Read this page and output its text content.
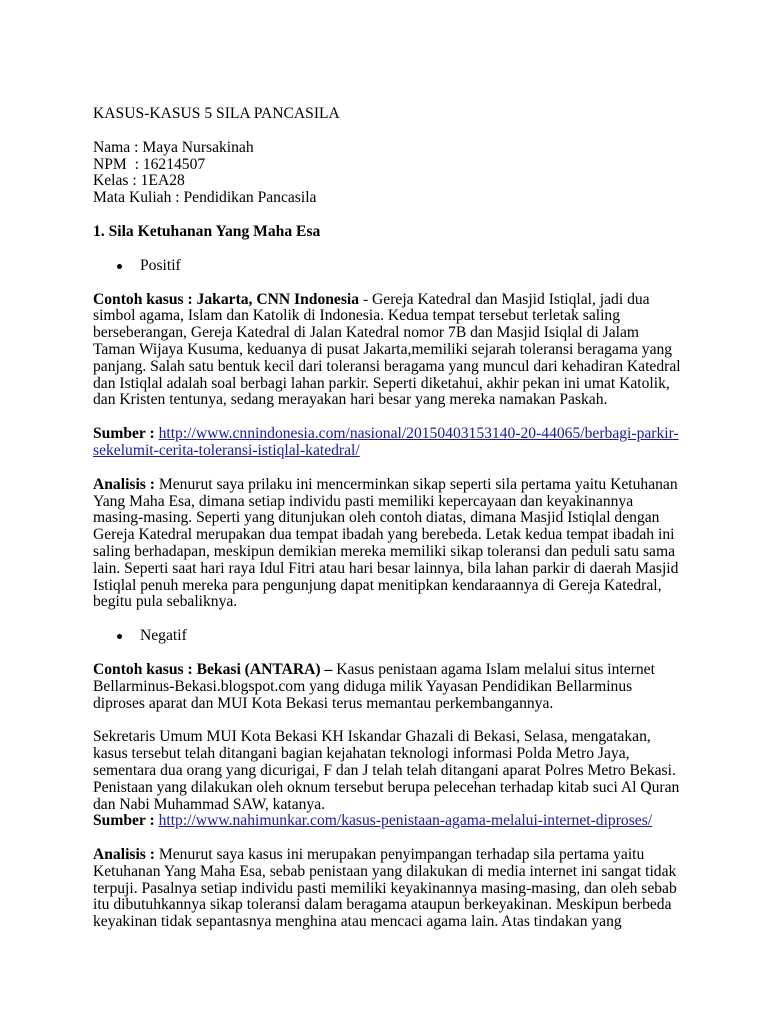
KASUS-KASUS 5 SILA PANCASILA

Nama : Maya Nursakinah

NPM  : 16214507

Kelas : 1EA28

Mata Kuliah : Pendidikan Pancasila

1. Sila Ketuhanan Yang Maha Esa

Positif

Contoh kasus : Jakarta, CNN Indonesia - Gereja Katedral dan Masjid Istiqlal, jadi dua simbol agama, Islam dan Katolik di Indonesia. Kedua tempat tersebut terletak saling berseberangan, Gereja Katedral di Jalan Katedral nomor 7B dan Masjid Isiqlal di Jalam Taman Wijaya Kusuma, keduanya di pusat Jakarta,memiliki sejarah toleransi beragama yang panjang. Salah satu bentuk kecil dari toleransi beragama yang muncul dari kehadiran Katedral dan Istiqlal adalah soal berbagi lahan parkir. Seperti diketahui, akhir pekan ini umat Katolik, dan Kristen tentunya, sedang merayakan hari besar yang mereka namakan Paskah.

Sumber : http://www.cnnindonesia.com/nasional/20150403153140-20-44065/berbagi-parkir-sekelumit-cerita-toleransi-istiqlal-katedral/

Analisis : Menurut saya prilaku ini mencerminkan sikap seperti sila pertama yaitu Ketuhanan Yang Maha Esa, dimana setiap individu pasti memiliki kepercayaan dan keyakinannya masing-masing. Seperti yang ditunjukan oleh contoh diatas, dimana Masjid Istiqlal dengan Gereja Katedral merupakan dua tempat ibadah yang berebeda. Letak kedua tempat ibadah ini saling berhadapan, meskipun demikian mereka memiliki sikap toleransi dan peduli satu sama lain. Seperti saat hari raya Idul Fitri atau hari besar lainnya, bila lahan parkir di daerah Masjid Istiqlal penuh mereka para pengunjung dapat menitipkan kendaraannya di Gereja Katedral, begitu pula sebaliknya.

Negatif

Contoh kasus : Bekasi (ANTARA) – Kasus penistaan agama Islam melalui situs internet Bellarminus-Bekasi.blogspot.com yang diduga milik Yayasan Pendidikan Bellarminus diproses aparat dan MUI Kota Bekasi terus memantau perkembangannya.

Sekretaris Umum MUI Kota Bekasi KH Iskandar Ghazali di Bekasi, Selasa, mengatakan, kasus tersebut telah ditangani bagian kejahatan teknologi informasi Polda Metro Jaya, sementara dua orang yang dicurigai, F dan J telah telah ditangani aparat Polres Metro Bekasi. Penistaan yang dilakukan oleh oknum tersebut berupa pelecehan terhadap kitab suci Al Quran dan Nabi Muhammad SAW, katanya.

Sumber : http://www.nahimunkar.com/kasus-penistaan-agama-melalui-internet-diproses/

Analisis : Menurut saya kasus ini merupakan penyimpangan terhadap sila pertama yaitu Ketuhanan Yang Maha Esa, sebab penistaan yang dilakukan di media internet ini sangat tidak terpuji. Pasalnya setiap individu pasti memiliki keyakinannya masing-masing, dan oleh sebab itu dibutuhkannya sikap toleransi dalam beragama ataupun berkeyakinan. Meskipun berbeda keyakinan tidak sepantasnya menghina atau mencaci agama lain. Atas tindakan yang
